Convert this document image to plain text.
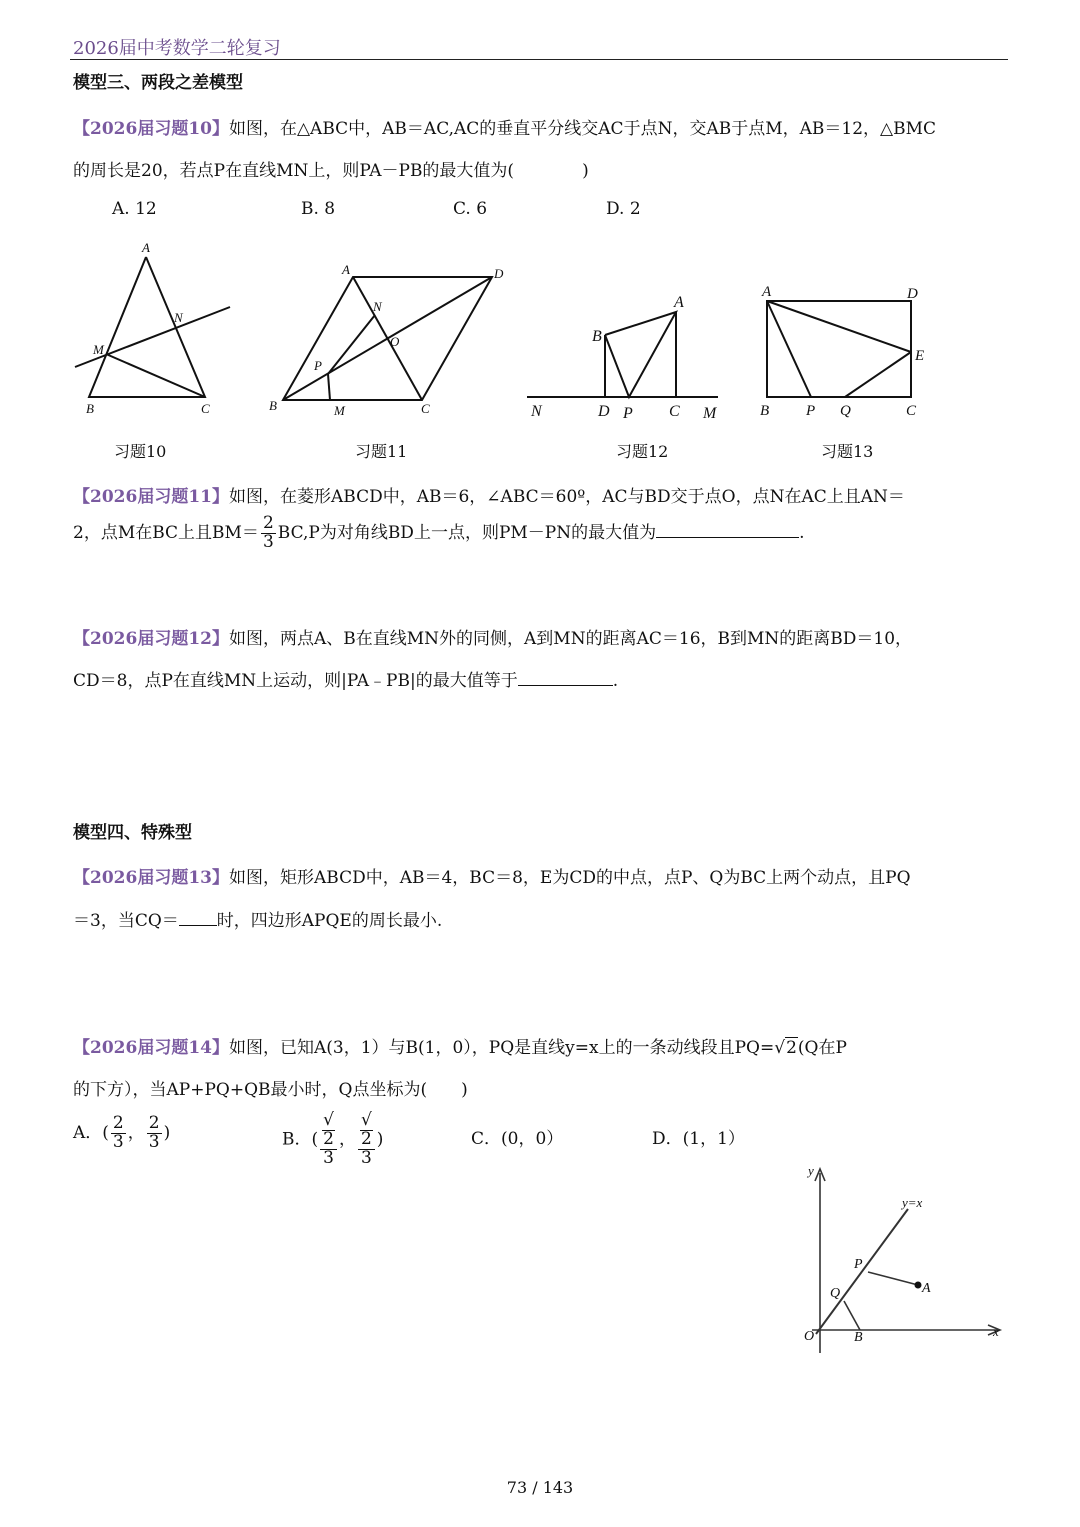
2026届中考数学二轮复习
模型三、两段之差模型
【2026届习题10】如图，在△ABC中，AB＝AC,AC的垂直平分线交AC于点N，交AB于点M，AB＝12，△BMC
的周长是20，若点P在直线MN上，则PA－PB的最大值为(　　　　)
A. 12	B. 8	C. 6	D. 2
A
B	C
M
N
A	D
B	C
M
N
O
P
A
B
D P C
N	M
A	D
E
B P Q	C
习题10	习题11	习题12	习题13
【2026届习题11】如图，在菱形ABCD中，AB＝6，∠ABC＝60º，AC与BD交于点O，点N在AC上且AN＝
2，点M在BC上且$BM= \frac{2}{3} BC,P$为对角线BD上一点，则PM－PN的最大值为	.
【2026届习题12】如图，两点A、B在直线MN外的同侧，A到MN的距离AC＝16，B到MN的距离BD＝10，
CD＝8，点P在直线MN上运动，则|PA﹣PB|的最大值等于	.
模型四、特殊型
【2026届习题13】如图，矩形ABCD中，AB＝4，BC＝8，E为CD的中点，点P、Q为BC上两个动点，且PQ
＝3，当CQ＝ 时，四边形APQE的周长最小.
【2026届习题14】如图，已知A(3，1）与B(1，0），PQ是直线y=x上的一条动线段且PQ=√2(Q在P
的下方），当AP+PQ+QB最小时，Q点坐标为(　　)
A．( $\frac{2}{3}$ ， $\frac{2}{3}$ )	B．( √
2
3 ， √
2
3 )	C．(0，0）	D．(1，1）
y
x
y=x
P
Q	A
O	B
73 / 143
